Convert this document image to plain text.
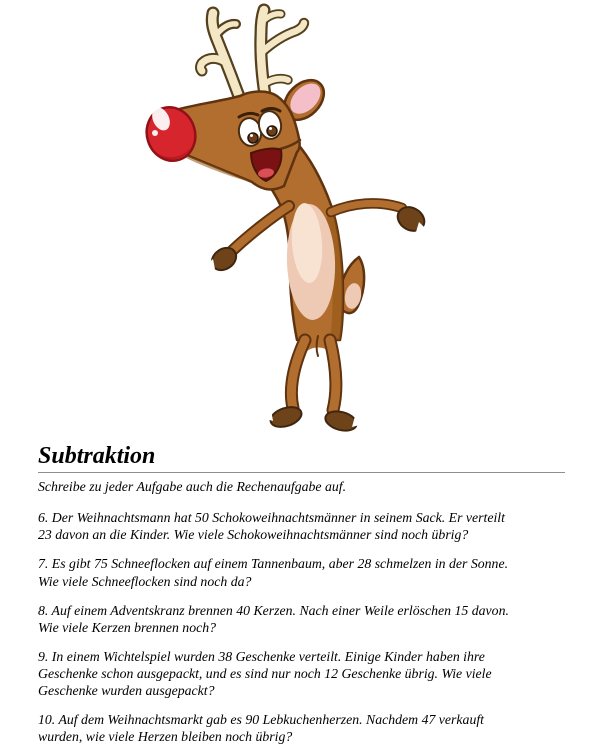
Subtraktion

Schreibe zu jeder Aufgabe auch die Rechenaufgabe auf.

6. Der Weihnachtsmann hat 50 Schokoweihnachtsmänner in seinem Sack. Er verteilt 23 davon an die Kinder. Wie viele Schokoweihnachtsmänner sind noch übrig?

7. Es gibt 75 Schneeflocken auf einem Tannenbaum, aber 28 schmelzen in der Sonne. Wie viele Schneeflocken sind noch da?

8. Auf einem Adventskranz brennen 40 Kerzen. Nach einer Weile erlöschen 15 davon. Wie viele Kerzen brennen noch?

9. In einem Wichtelspiel wurden 38 Geschenke verteilt. Einige Kinder haben ihre Geschenke schon ausgepackt, und es sind nur noch 12 Geschenke übrig. Wie viele Geschenke wurden ausgepackt?

10. Auf dem Weihnachtsmarkt gab es 90 Lebkuchenherzen. Nachdem 47 verkauft wurden, wie viele Herzen bleiben noch übrig?
